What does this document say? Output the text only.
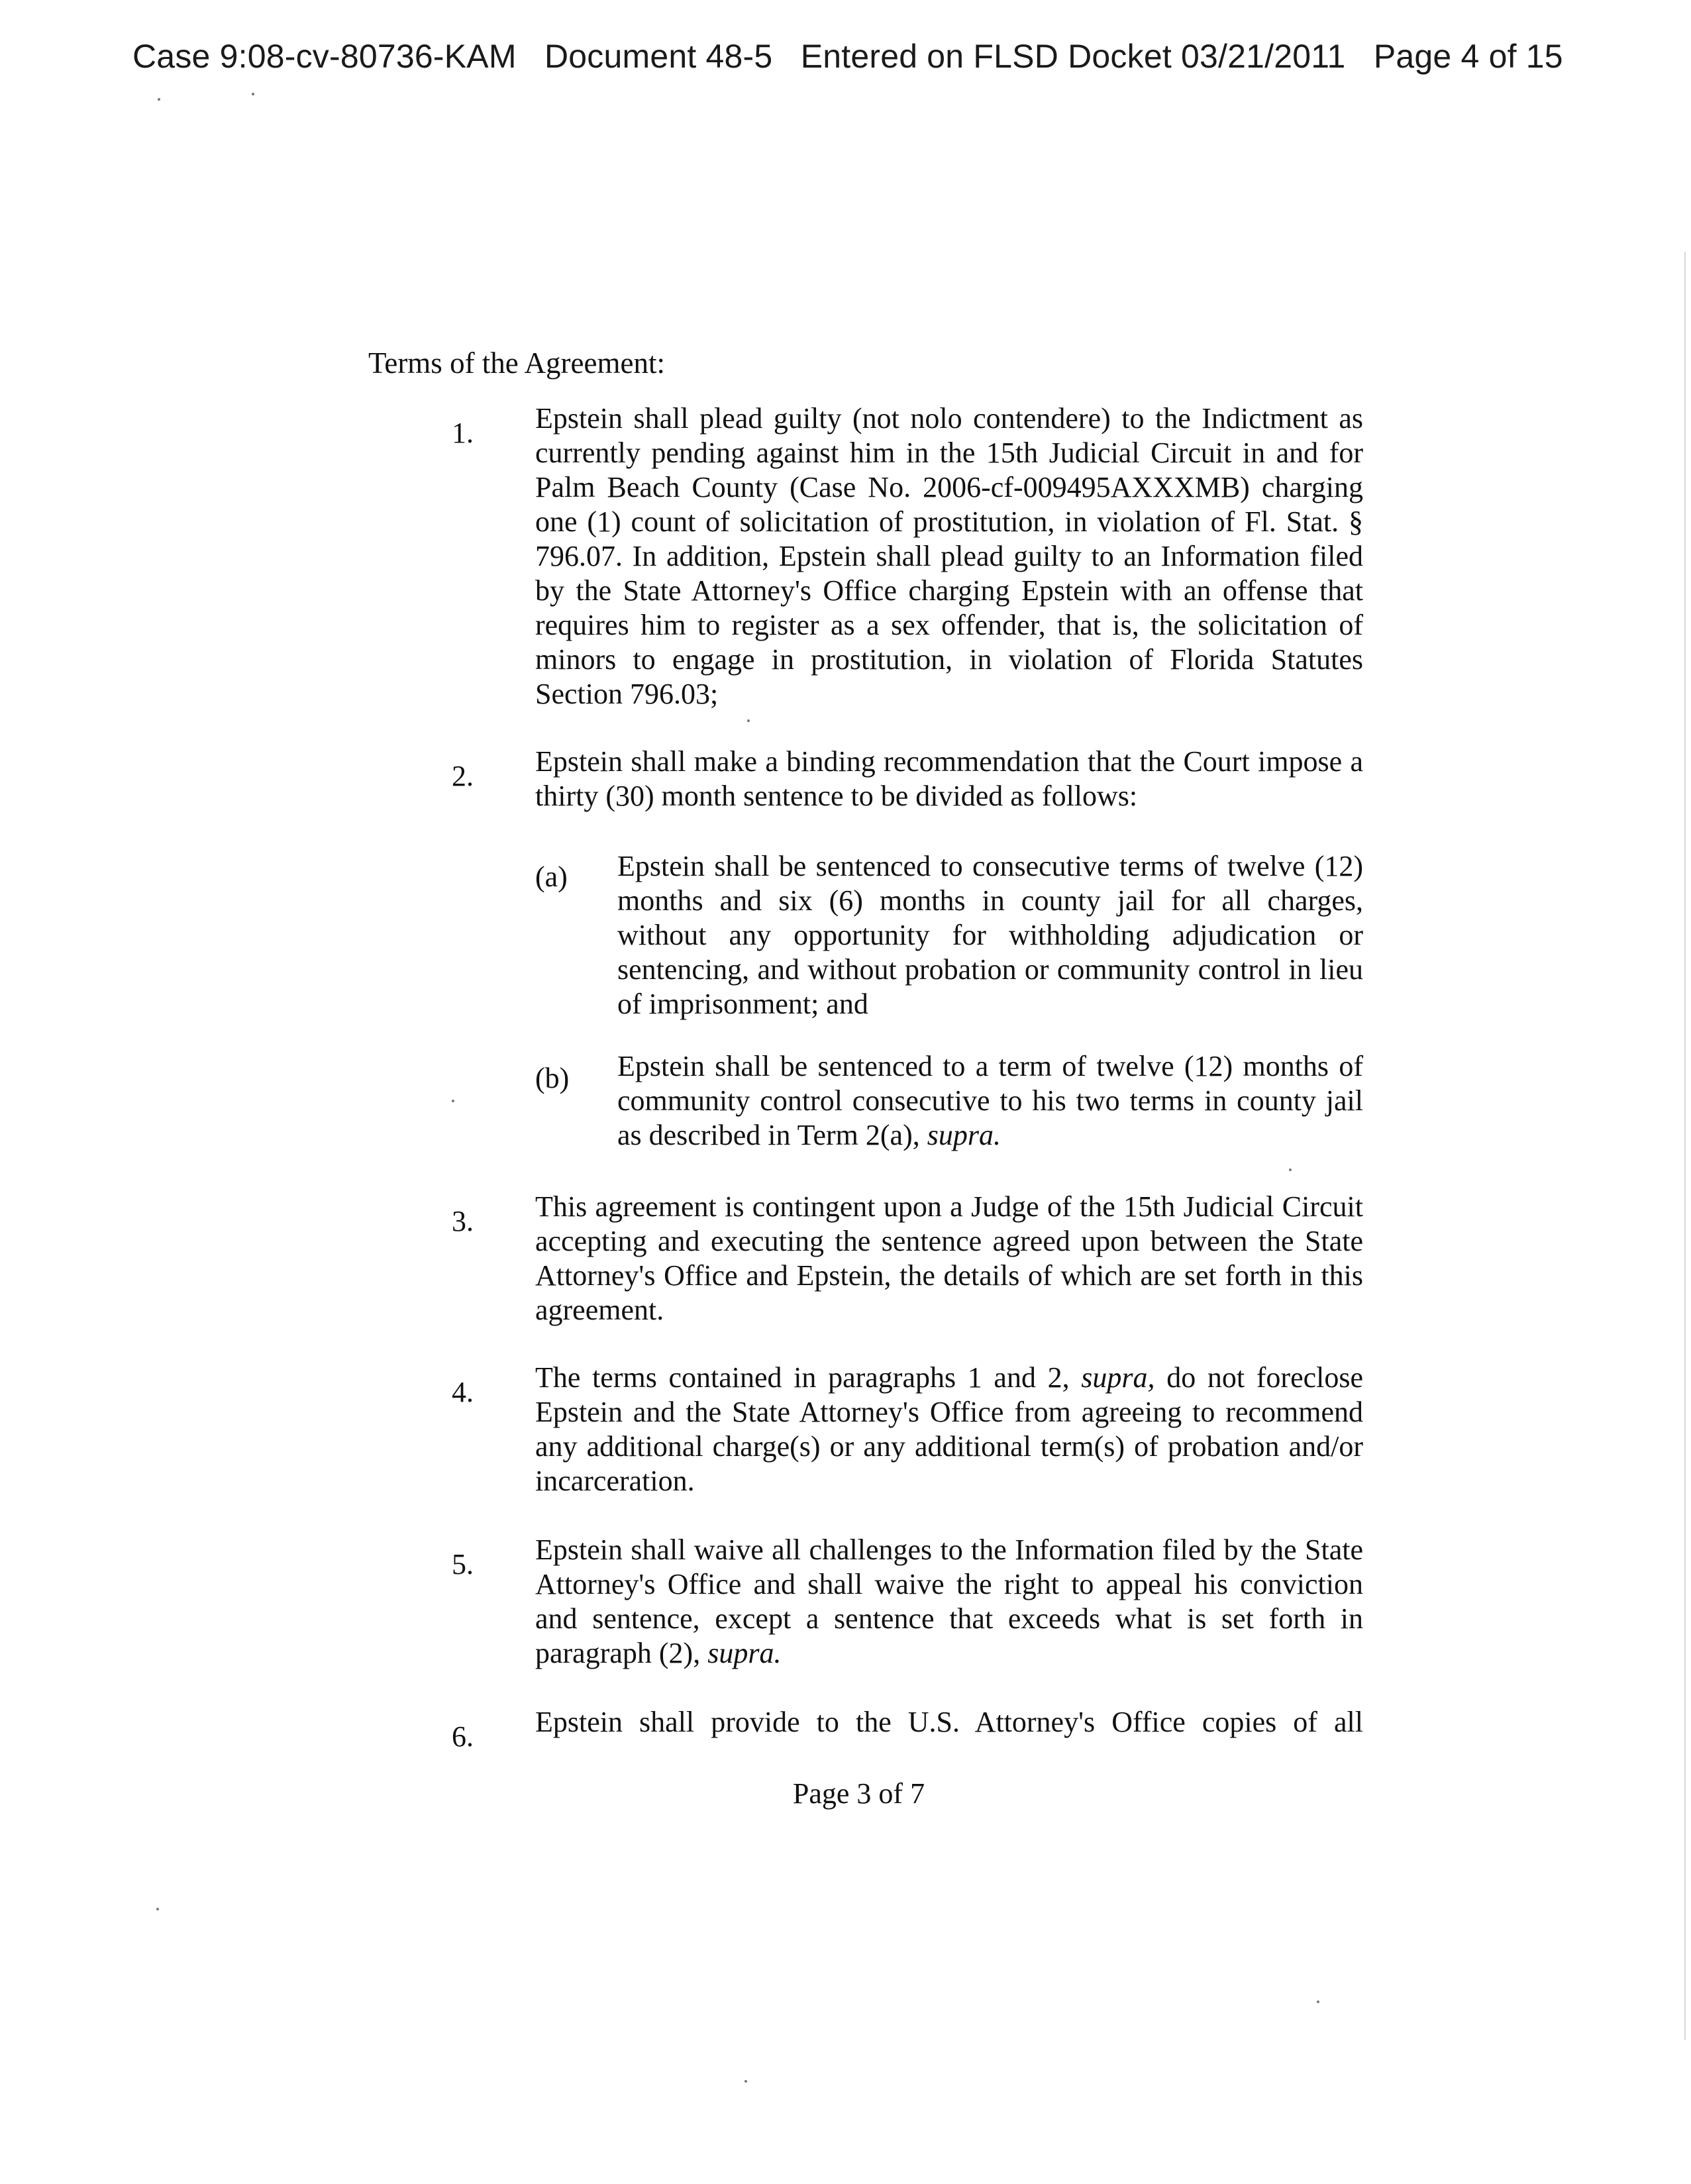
Case 9:08-cv-80736-KAM Document 48-5 Entered on FLSD Docket 03/21/2011 Page 4 of 15
Terms of the Agreement:
1. Epstein shall plead guilty (not nolo contendere) to the Indictment as currently pending against him in the 15th Judicial Circuit in and for Palm Beach County (Case No. 2006-cf-009495AXXXMB) charging one (1) count of solicitation of prostitution, in violation of Fl. Stat. § 796.07. In addition, Epstein shall plead guilty to an Information filed by the State Attorney's Office charging Epstein with an offense that requires him to register as a sex offender, that is, the solicitation of minors to engage in prostitution, in violation of Florida Statutes Section 796.03;
2. Epstein shall make a binding recommendation that the Court impose a thirty (30) month sentence to be divided as follows:
(a) Epstein shall be sentenced to consecutive terms of twelve (12) months and six (6) months in county jail for all charges, without any opportunity for withholding adjudication or sentencing, and without probation or community control in lieu of imprisonment; and
(b) Epstein shall be sentenced to a term of twelve (12) months of community control consecutive to his two terms in county jail as described in Term 2(a), supra.
3. This agreement is contingent upon a Judge of the 15th Judicial Circuit accepting and executing the sentence agreed upon between the State Attorney's Office and Epstein, the details of which are set forth in this agreement.
4. The terms contained in paragraphs 1 and 2, supra, do not foreclose Epstein and the State Attorney's Office from agreeing to recommend any additional charge(s) or any additional term(s) of probation and/or incarceration.
5. Epstein shall waive all challenges to the Information filed by the State Attorney's Office and shall waive the right to appeal his conviction and sentence, except a sentence that exceeds what is set forth in paragraph (2), supra.
6. Epstein shall provide to the U.S. Attorney's Office copies of all
Page 3 of 7
